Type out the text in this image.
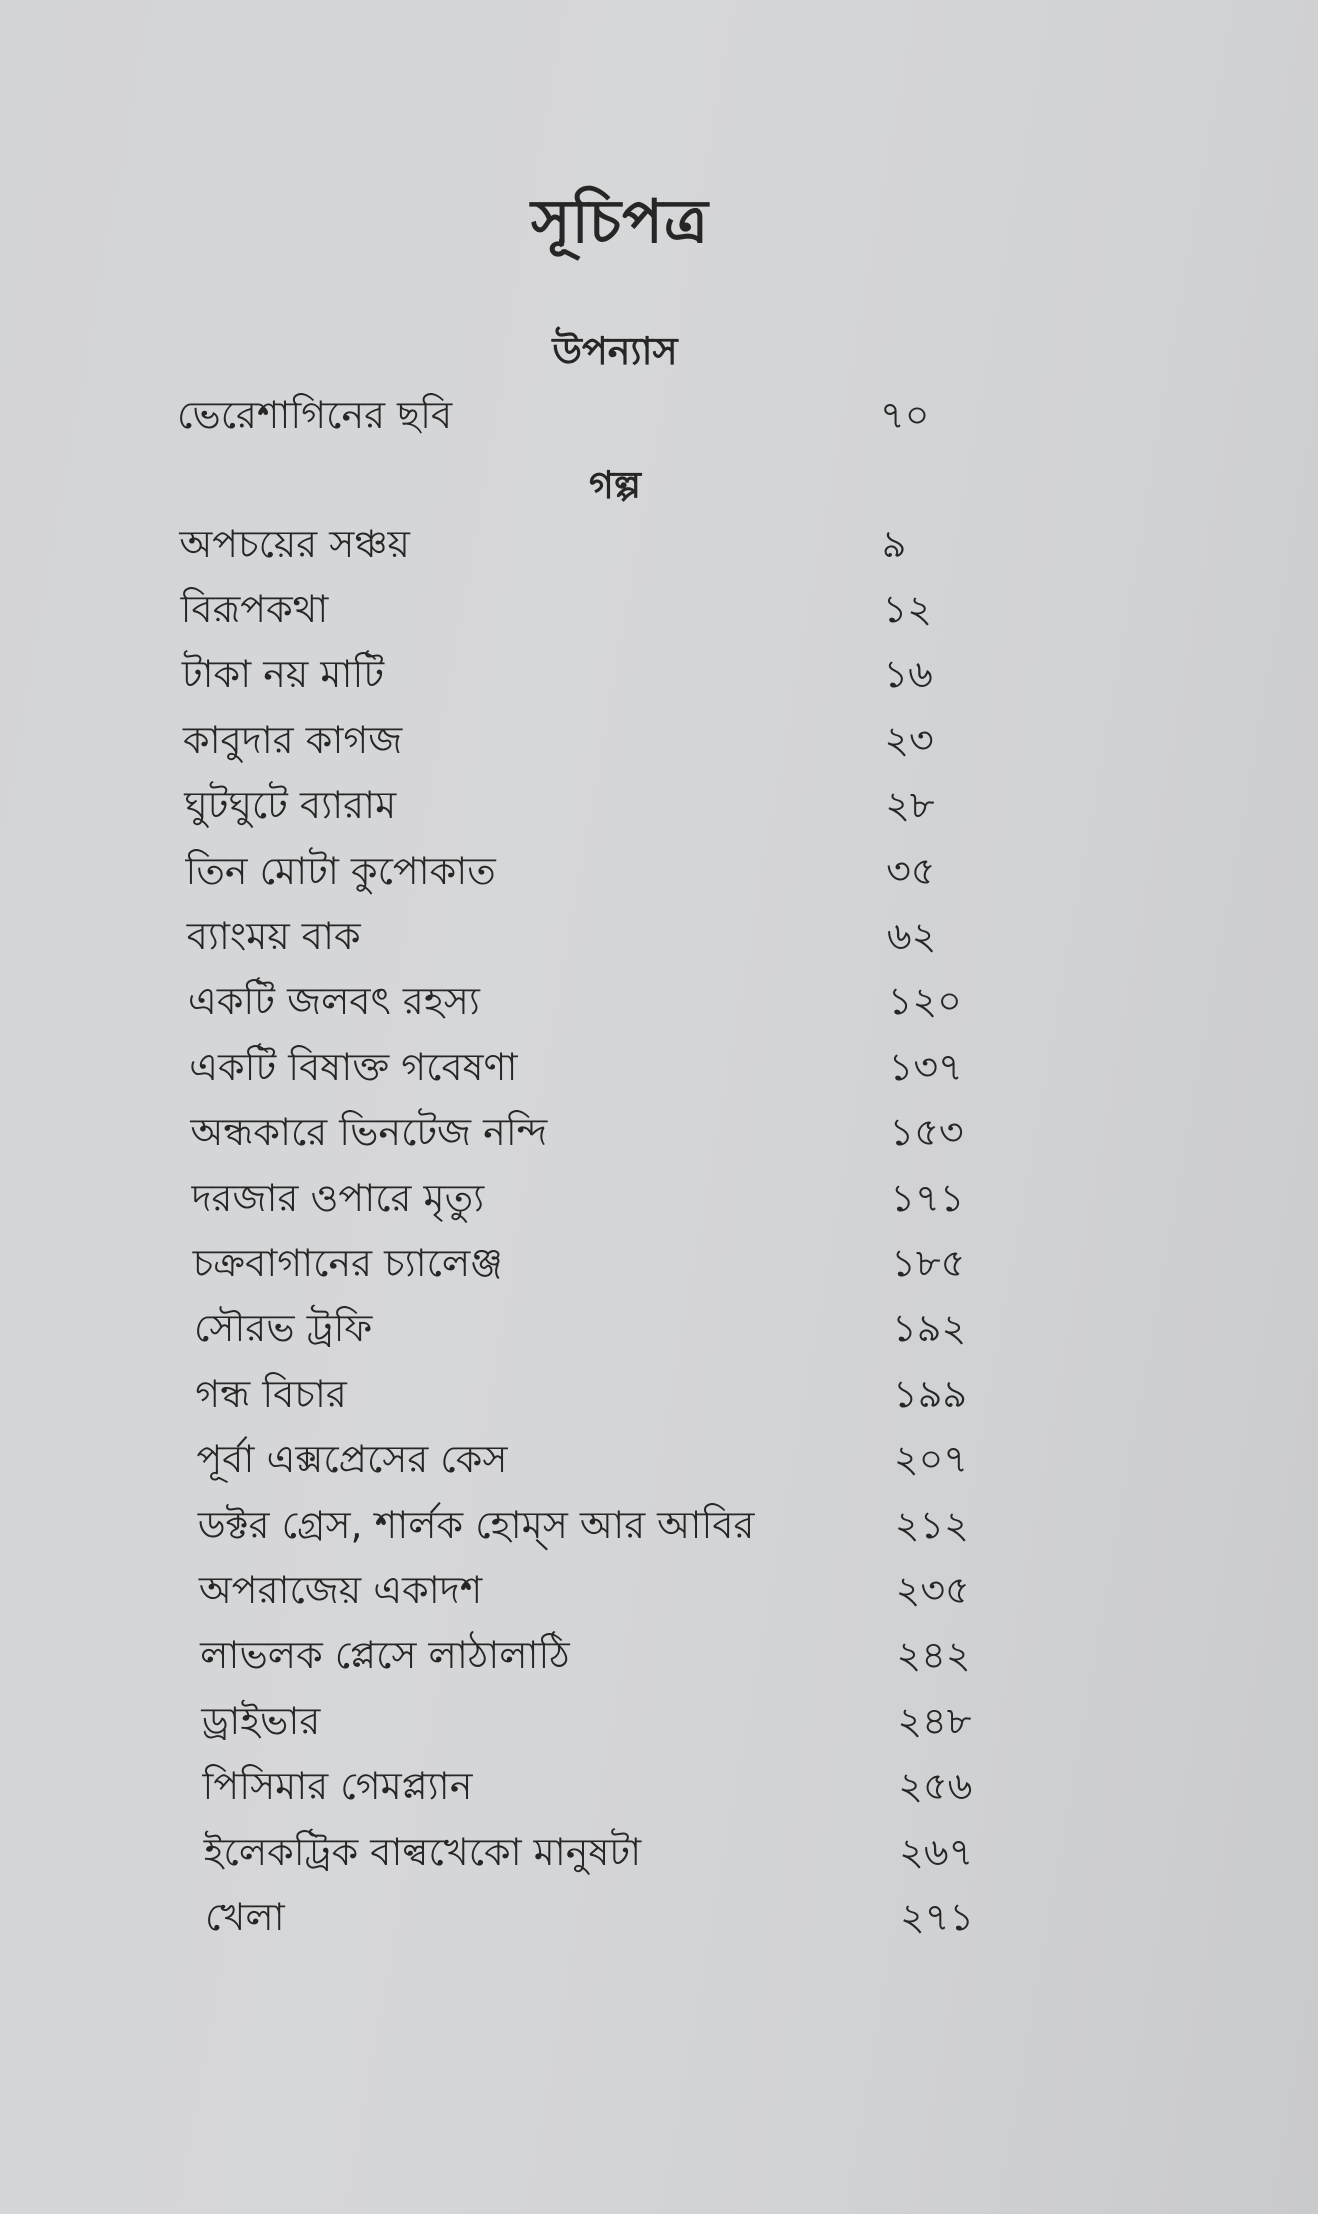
সূচিপত্র
উপন্যাস
ভেরেশাগিনের ছবি	৭০
গল্প
অপচয়ের সঞ্চয়	৯
বিরূপকথা	১২
টাকা নয় মাটি	১৬
কাবুদার কাগজ	২৩
ঘুটঘুটে ব্যারাম	২৮
তিন মোটা কুপোকাত	৩৫
ব্যাংময় বাক	৬২
একটি জলবৎ রহস্য	১২০
একটি বিষাক্ত গবেষণা	১৩৭
অন্ধকারে ভিনটেজ নন্দি	১৫৩
দরজার ওপারে মৃত্যু	১৭১
চক্রবাগানের চ্যালেঞ্জ	১৮৫
সৌরভ ট্রফি	১৯২
গন্ধ বিচার	১৯৯
পূর্বা এক্সপ্রেসের কেস	২০৭
ডক্টর গ্রেস, শার্লক হোম্স আর আবির	২১২
অপরাজেয় একাদশ	২৩৫
লাভলক প্লেসে লাঠালাঠি	২৪২
ড্রাইভার	২৪৮
পিসিমার গেমপ্ল্যান	২৫৬
ইলেকট্রিক বাল্বখেকো মানুষটা	২৬৭
খেলা	২৭১
